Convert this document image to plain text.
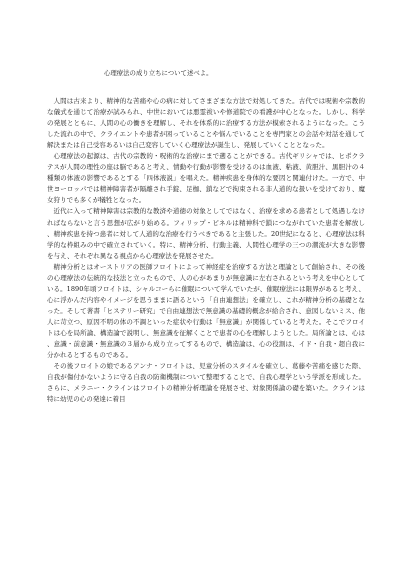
心理療法の成り立ちについて述べよ。

人間は古来より、精神的な苦痛や心の病に対してさまざまな方法で対処してきた。古代では呪術や宗教的な儀式を通じて治療が試みられ、中世においては悪霊祓いや修道院での看護が中心となった。しかし、科学の発展とともに、人間の心の働きを理解し、それを体系的に治療する方法が模索されるようになった。こうした流れの中で、クライエントや患者が困っていることや悩んでいることを専門家との会話や対話を通して解決または自己受容あるいは自己変容していく心理療法が誕生し、発展していくこととなった。

心理療法の起源は、古代の宗教的・呪術的な治療にまで遡ることができる。古代ギリシャでは、ヒポクラテスが人間の理性の座は脳であると考え、情動や行動が影響を受けるのは血液、粘液、黄胆汁、黒胆汁の４種類の体液の影響であるとする「四体液説」を唱えた。精神疾患を身体的な要因と関連付けた。一方で、中世ヨーロッパでは精神障害者が隔離され手錠、足枷、鎖などで拘束される非人道的な扱いを受けており、魔女狩りでも多くが犠牲となった。

近代に入って精神障害は宗教的な教済や道徳の対象としてではなく、治療を求める患者として処遇しなければならないと言う思想が広がり始める。フィリップ・ピネルは精神科で鎖につながれていた患者を解放し、精神疾患を持つ患者に対して人道的な治療を行うべきであると主張した。20世紀になると、心理療法は科学的な枠組みの中で確立されていく。特に、精神分析、行動主義、人間性心理学の三つの潮流が大きな影響を与え、それぞれ異なる視点から心理療法を発展させた。

精神分析とはオーストリアの医師フロイトによって神経症を治療する方法と理論として創始され、その後の心理療法の伝統的な技法と立ったもので、人の心があまりが無意識に左右されるという考えを中心としている。1890年頃フロイトは、シャルコーらに催眠について学んでいたが、催眠療法には限界があると考え、心に浮かんだ内容やイメージを思うままに語るという「自由連想法」を確立し、これが精神分析の基礎となった。そして著書「ヒステリー研究」で自由連想法で無意識の基礎的概念が給合され、意図しないミス、他人に苛立つ、原因不明の体の不調といった症状や行動は「無意識」が関係していると考えた。そこでフロイトは心を局所論、構造論で説明し、無意識を征解くことで患者の心を理解しようとした。局所論とは、心は、意識・前意識・無意識の３層から成り立ってするもので、構造論は、心の役割は、イド・自我・超自我に分かれるとするものである。

その後フロイトの娘であるアンナ・フロイトは、児童分析のスタイルを確立し、葛藤や苦痛を感じた際、自我が傷付かないように守る自我の防衛機制について整理することで、自我心理学という学派を形成した。さらに、メラニー・クラインはフロイトの精神分析理論を発展させ、対象関係論の礎を築いた。クラインは特に幼児の心の発達に着目
